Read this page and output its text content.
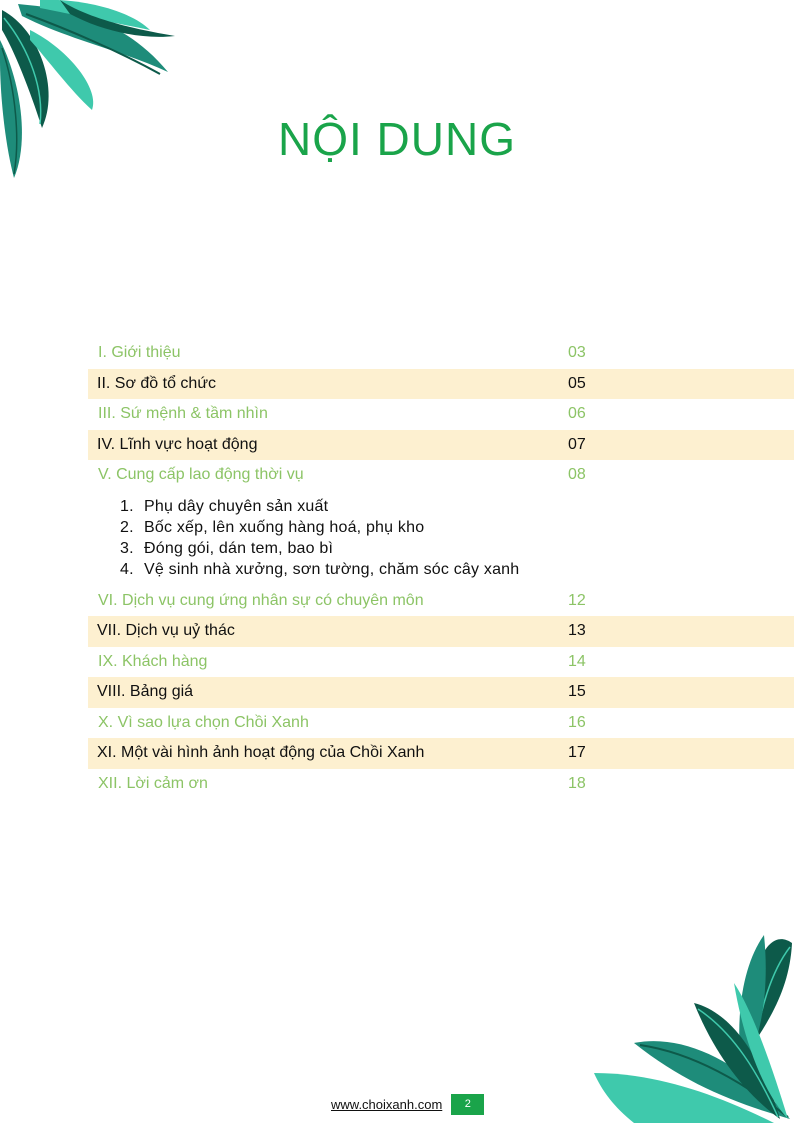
NỘI DUNG
I. Giới thiệu	03
II. Sơ đồ tổ chức	05
III. Sứ mệnh & tầm nhìn	06
IV. Lĩnh vực hoạt động	07
V. Cung cấp lao động thời vụ	08
1. Phụ dây chuyên sản xuất
2. Bốc xếp, lên xuống hàng hoá, phụ kho
3. Đóng gói, dán tem, bao bì
4. Vệ sinh nhà xưởng, sơn tường, chăm sóc cây xanh
VI. Dịch vụ cung ứng nhân sự có chuyên môn	12
VII. Dịch vụ uỷ thác	13
IX. Khách hàng	14
VIII. Bảng giá	15
X. Vì sao lựa chọn Chồi Xanh	16
XI. Một vài hình ảnh hoạt động của Chồi Xanh	17
XII. Lời cảm ơn	18
www.choixanh.com	2
